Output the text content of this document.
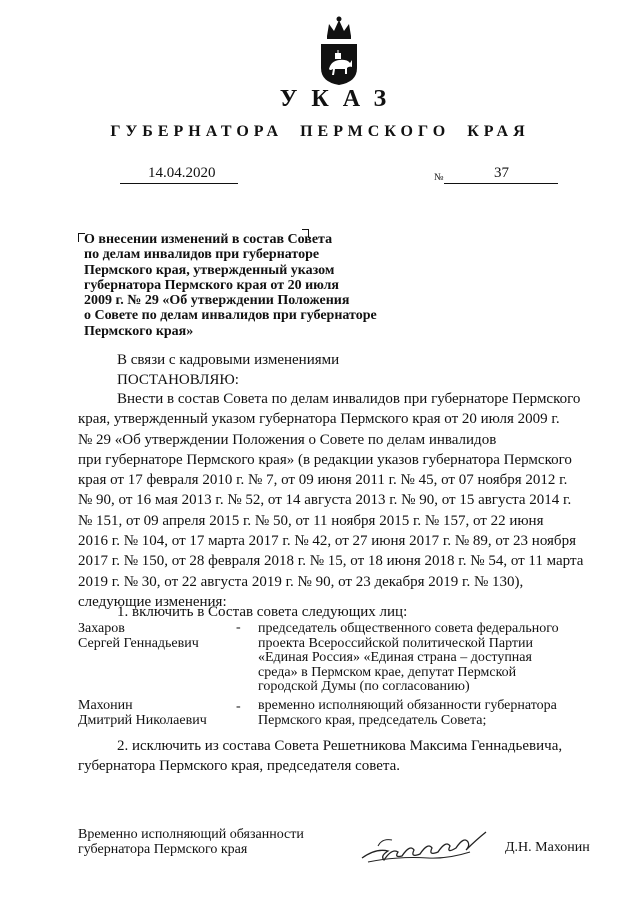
УКАЗ
ГУБЕРНАТОРА ПЕРМСКОГО КРАЯ
14.04.2020	№	37
О внесении изменений в состав Совета
по делам инвалидов при губернаторе
Пермского края, утвержденный указом
губернатора Пермского края от 20 июля
2009 г. № 29 «Об утверждении Положения
о Совете по делам инвалидов при губернаторе
Пермского края»
В связи с кадровыми изменениями
ПОСТАНОВЛЯЮ:
Внести в состав Совета по делам инвалидов при губернаторе Пермского
края, утвержденный указом губернатора Пермского края от 20 июля 2009 г.
№ 29 «Об утверждении Положения о Совете по делам инвалидов
при губернаторе Пермского края» (в редакции указов губернатора Пермского
края от 17 февраля 2010 г. № 7, от 09 июня 2011 г. № 45, от 07 ноября 2012 г.
№ 90, от 16 мая 2013 г. № 52, от 14 августа 2013 г. № 90, от 15 августа 2014 г.
№ 151, от 09 апреля 2015 г. № 50, от 11 ноября 2015 г. № 157, от 22 июня
2016 г. № 104, от 17 марта 2017 г. № 42, от 27 июня 2017 г. № 89, от 23 ноября
2017 г. № 150, от 28 февраля 2018 г. № 15, от 18 июня 2018 г. № 54, от 11 марта
2019 г. № 30, от 22 августа 2019 г. № 90, от 23 декабря 2019 г. № 130),
следующие изменения:
1. включить в Состав совета следующих лиц:
Захаров
Сергей Геннадьевич
- председатель общественного совета федерального
проекта Всероссийской политической Партии
«Единая Россия» «Единая страна – доступная
среда» в Пермском крае, депутат Пермской
городской Думы (по согласованию)
Махонин
Дмитрий Николаевич
- временно исполняющий обязанности губернатора
Пермского края, председатель Совета;
2. исключить из состава Совета Решетникова Максима Геннадьевича,
губернатора Пермского края, председателя совета.
Временно исполняющий обязанности
губернатора Пермского края	Д.Н. Махонин
